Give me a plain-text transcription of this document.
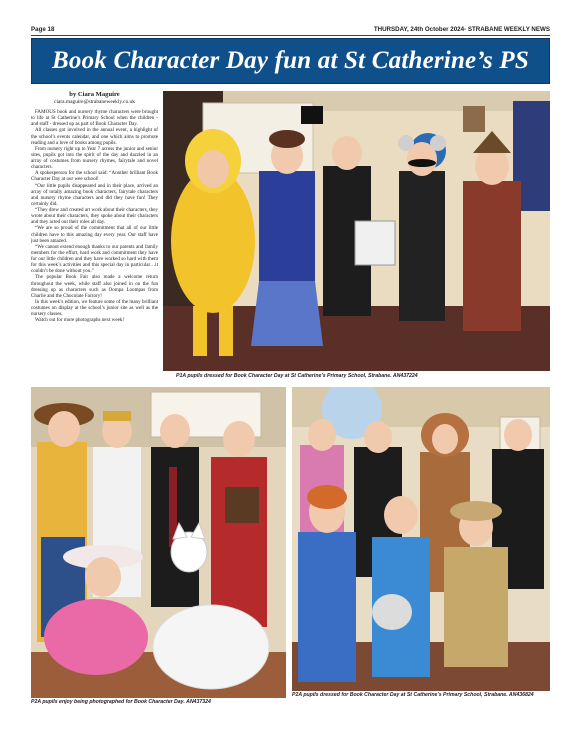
Page 18	THURSDAY, 24th October 2024- STRABANE WEEKLY NEWS
Book Character Day fun at St Catherine’s PS
by Ciara Maguire
ciara.maguire@strabaneweekly.co.uk

FAMOUS book and nursery rhyme characters were brought to life at St Catherine’s Primary School when the children - and staff - dressed up as part of Book Character Day.

All classes got involved in the annual event, a highlight of the school’s events calendar, and one which aims to promote reading and a love of books among pupils.

From nursery right up to Year 7 across the junior and senior sites, pupils got into the spirit of the day and dazzled in an array of costumes from nursery rhymes, fairytale and novel characters.

A spokesperson for the school said: “Another brilliant Book Character Day at our wee school!

“Our little pupils disappeared and in their place, arrived an array of totally amazing book characters, fairytale characters and nursery rhyme characters and did they have fun! They certainly did.

“They drew and created art work about their characters, they wrote about their characters, they spoke about their characters and they acted out their roles all day.

“We are so proud of the commitment that all of our little children have to this amazing day every year. Our staff have just been amazed.

“We cannot extend enough thanks to our parents and family members for the effort, hard work and commitment they have for our little children and they have worked so hard with them for this week’s activities and this special day in particular…it couldn’t be done without you.”

The popular Book Fair also made a welcome return throughout the week, while staff also joined in on the fun dressing up as characters such as Oompa Loompas from Charlie and the Chocolate Factory!

In this week’s edition, we feature some of the many brilliant costumes on display at the school’s junior site as well as the nursery classes.

Watch out for more photographs next week!

P1A pupils dressed for Book Character Day at St Catherine’s Primary School, Strabane. AN437224
P2A pupils enjoy being photographed for Book Character Day. AN437324
P2A pupils dressed for Book Character Day at St Catherine’s Primary School, Strabane. AN436824
